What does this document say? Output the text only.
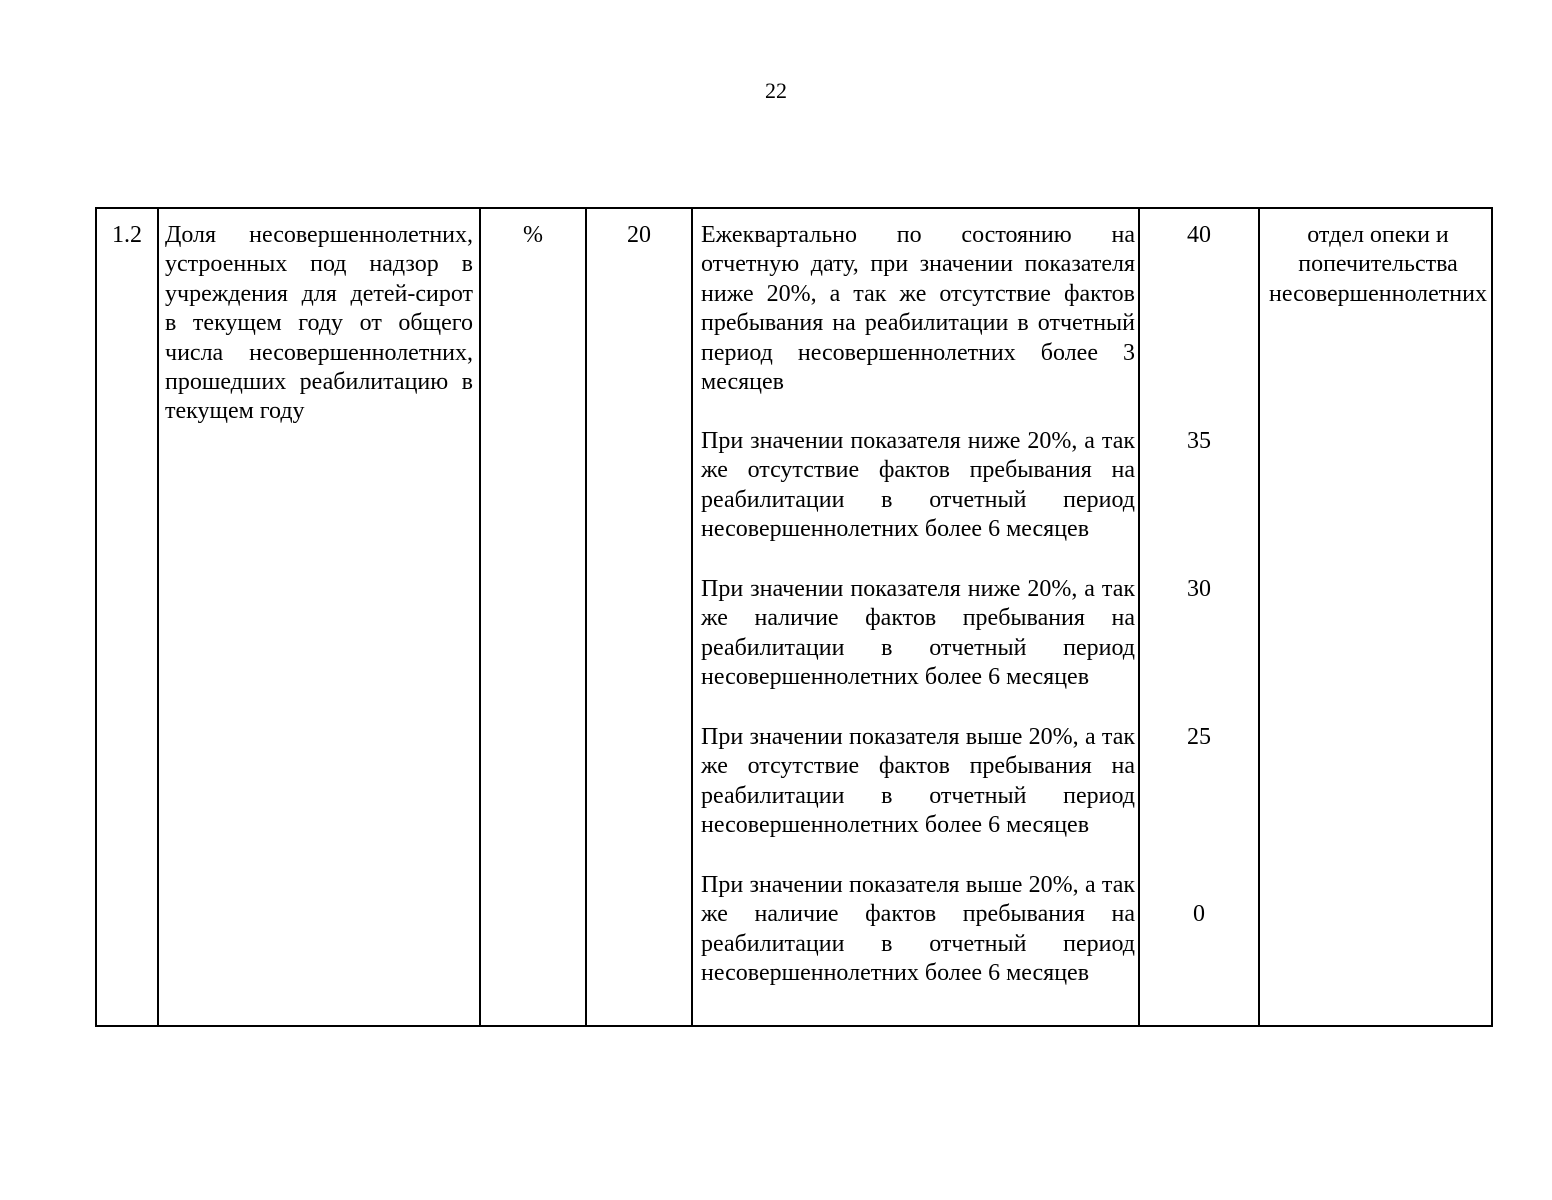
22
1.2 Доля несовершеннолетних, устроенных под надзор в учреждения для детей-сирот в текущем году от общего числа несовершеннолетних, прошедших реабилитацию в текущем году
%	20	Ежеквартально по состоянию на отчетную дату, при значении показателя ниже 20%, а так же отсутствие фактов пребывания на реабилитации в отчетный период несовершеннолетних более 3 месяцев
40
При значении показателя ниже 20%, а так же отсутствие фактов пребывания на реабилитации в отчетный период несовершеннолетних более 6 месяцев
35
При значении показателя ниже 20%, а так же наличие фактов пребывания на реабилитации в отчетный период несовершеннолетних более 6 месяцев
30
При значении показателя выше 20%, а так же отсутствие фактов пребывания на реабилитации в отчетный период несовершеннолетних более 6 месяцев
25
При значении показателя выше 20%, а так же наличие фактов пребывания на реабилитации в отчетный период несовершеннолетних более 6 месяцев
0
отдел опеки и попечительства несовершеннолетних
